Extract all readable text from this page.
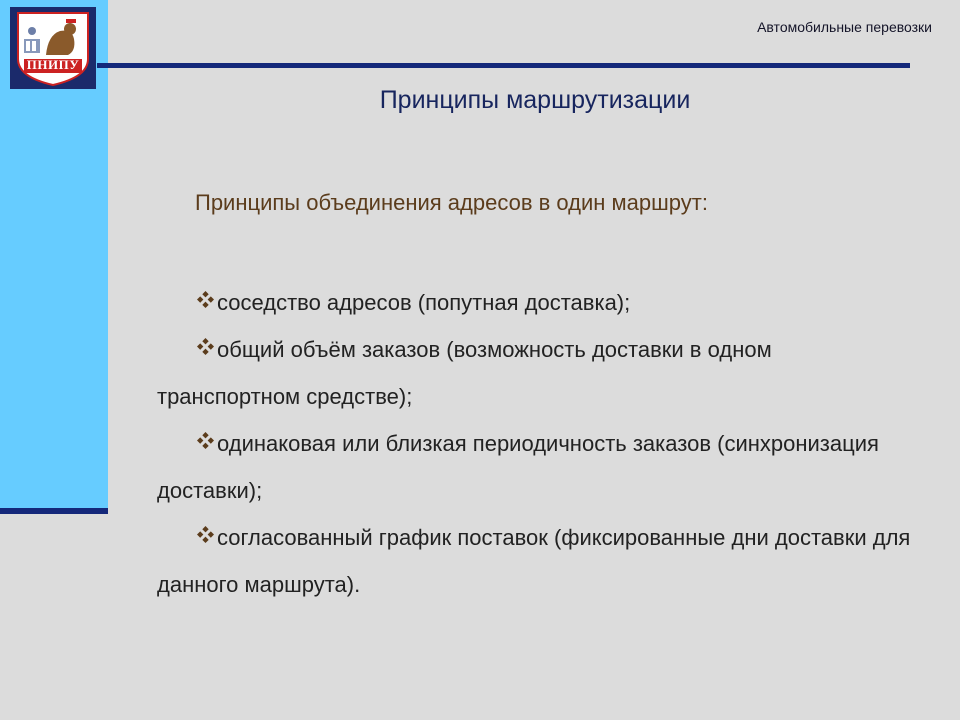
ПНИПУ
Автомобильные перевозки
Принципы маршрутизации
Принципы объединения адресов в один маршрут:

соседство адресов (попутная доставка);

общий объём заказов (возможность доставки в одном транспортном средстве);

одинаковая или близкая периодичность заказов (синхронизация доставки);

согласованный график поставок (фиксированные дни доставки для данного маршрута).
